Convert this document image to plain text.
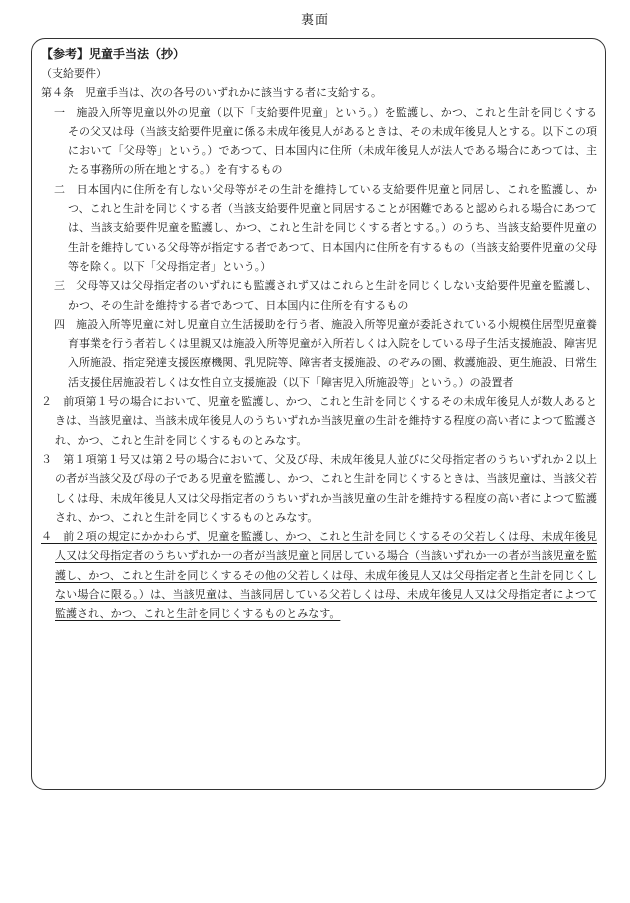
裏面

【参考】児童手当法（抄）

（支給要件）

第４条　児童手当は、次の各号のいずれかに該当する者に支給する。

一　施設入所等児童以外の児童（以下「支給要件児童」という。）を監護し、かつ、これと生計を同じくするその父又は母（当該支給要件児童に係る未成年後見人があるときは、その未成年後見人とする。以下この項において「父母等」という。）であつて、日本国内に住所（未成年後見人が法人である場合にあつては、主たる事務所の所在地とする。）を有するもの

二　日本国内に住所を有しない父母等がその生計を維持している支給要件児童と同居し、これを監護し、かつ、これと生計を同じくする者（当該支給要件児童と同居することが困難であると認められる場合にあつては、当該支給要件児童を監護し、かつ、これと生計を同じくする者とする。）のうち、当該支給要件児童の生計を維持している父母等が指定する者であつて、日本国内に住所を有するもの（当該支給要件児童の父母等を除く。以下「父母指定者」という。）

三　父母等又は父母指定者のいずれにも監護されず又はこれらと生計を同じくしない支給要件児童を監護し、かつ、その生計を維持する者であつて、日本国内に住所を有するもの

四　施設入所等児童に対し児童自立生活援助を行う者、施設入所等児童が委託されている小規模住居型児童養育事業を行う者若しくは里親又は施設入所等児童が入所若しくは入院をしている母子生活支援施設、障害児入所施設、指定発達支援医療機関、乳児院等、障害者支援施設、のぞみの園、救護施設、更生施設、日常生活支援住居施設若しくは女性自立支援施設（以下「障害児入所施設等」という。）の設置者

２　前項第１号の場合において、児童を監護し、かつ、これと生計を同じくするその未成年後見人が数人あるときは、当該児童は、当該未成年後見人のうちいずれか当該児童の生計を維持する程度の高い者によつて監護され、かつ、これと生計を同じくするものとみなす。

３　第１項第１号又は第２号の場合において、父及び母、未成年後見人並びに父母指定者のうちいずれか２以上の者が当該父及び母の子である児童を監護し、かつ、これと生計を同じくするときは、当該児童は、当該父若しくは母、未成年後見人又は父母指定者のうちいずれか当該児童の生計を維持する程度の高い者によつて監護され、かつ、これと生計を同じくするものとみなす。

４　前２項の規定にかかわらず、児童を監護し、かつ、これと生計を同じくするその父若しくは母、未成年後見人又は父母指定者のうちいずれか一の者が当該児童と同居している場合（当該いずれか一の者が当該児童を監護し、かつ、これと生計を同じくするその他の父若しくは母、未成年後見人又は父母指定者と生計を同じくしない場合に限る。）は、当該児童は、当該同居している父若しくは母、未成年後見人又は父母指定者によつて監護され、かつ、これと生計を同じくするものとみなす。
